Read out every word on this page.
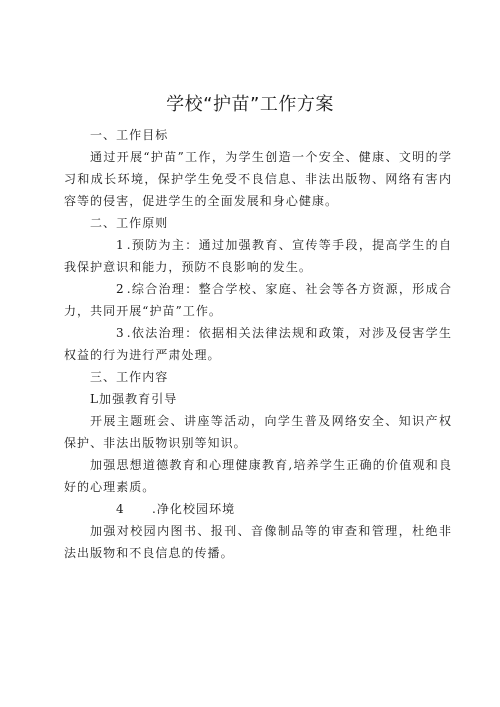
学校“护苗”工作方案

一、工作目标

通过开展“护苗”工作，为学生创造一个安全、健康、文明的学习和成长环境，保护学生免受不良信息、非法出版物、网络有害内容等的侵害，促进学生的全面发展和身心健康。

二、工作原则

1 .预防为主：通过加强教育、宣传等手段，提高学生的自我保护意识和能力，预防不良影响的发生。

2 .综合治理：整合学校、家庭、社会等各方资源，形成合力，共同开展“护苗”工作。

3 .依法治理：依据相关法律法规和政策，对涉及侵害学生权益的行为进行严肃处理。

三、工作内容

L加强教育引导

开展主题班会、讲座等活动，向学生普及网络安全、知识产权保护、非法出版物识别等知识。

加强思想道德教育和心理健康教育,培养学生正确的价值观和良好的心理素质。

4 .净化校园环境

加强对校园内图书、报刊、音像制品等的审查和管理，杜绝非法出版物和不良信息的传播。
